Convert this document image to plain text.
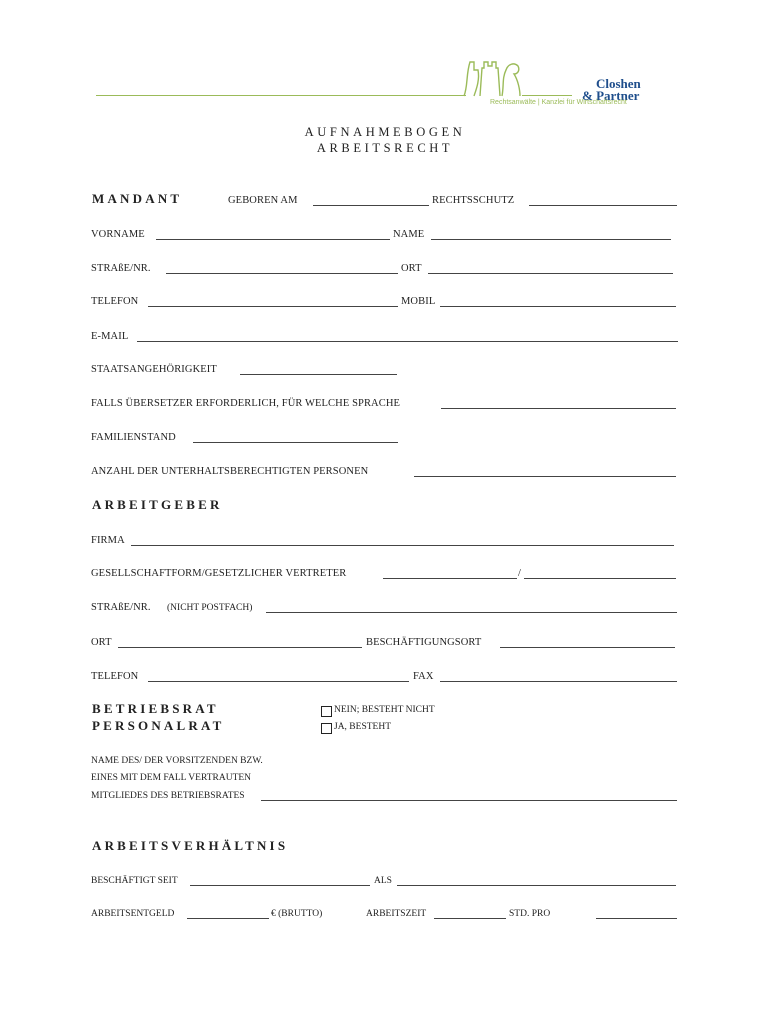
Closhen
& Partner
Rechtsanwälte | Kanzlei für Wirtschaftsrecht
AUFNAHMEBOGEN
ARBEITSRECHT
MANDANT	GEBOREN AM	RECHTSSCHUTZ
VORNAME	NAME
STRAßE/NR.	ORT
TELEFON	MOBIL
E-MAIL
STAATSANGEHÖRIGKEIT
FALLS ÜBERSETZER ERFORDERLICH, FÜR WELCHE SPRACHE
FAMILIENSTAND
ANZAHL DER UNTERHALTSBERECHTIGTEN PERSONEN
ARBEITGEBER
FIRMA
GESELLSCHAFTFORM/GESETZLICHER VERTRETER	/
STRAßE/NR. (NICHT POSTFACH)
ORT	BESCHÄFTIGUNGSORT
TELEFON	FAX
BETRIEBSRAT
PERSONALRAT
NEIN; BESTEHT NICHT
JA, BESTEHT
NAME DES/ DER VORSITZENDEN BZW.
EINES MIT DEM FALL VERTRAUTEN
MITGLIEDES DES BETRIEBSRATES
ARBEITSVERHÄLTNIS
BESCHÄFTIGT SEIT	ALS
ARBEITSENTGELD	€ (BRUTTO)	ARBEITSZEIT	STD. PRO
